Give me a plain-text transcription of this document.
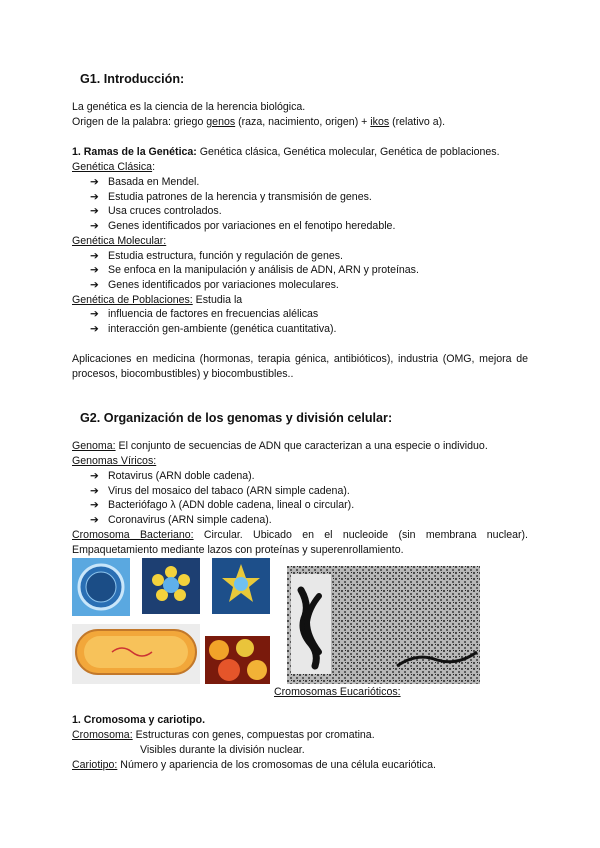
G1. Introducción:
La genética es la ciencia de la herencia biológica.
Origen de la palabra: griego genos (raza, nacimiento, origen) + ikos (relativo a).
1. Ramas de la Genética: Genética clásica, Genética molecular, Genética de poblaciones.
Genética Clásica:
➔ Basada en Mendel.
➔ Estudia patrones de la herencia y transmisión de genes.
➔ Usa cruces controlados.
➔ Genes identificados por variaciones en el fenotipo heredable.
Genética Molecular:
➔ Estudia estructura, función y regulación de genes.
➔ Se enfoca en la manipulación y análisis de ADN, ARN y proteínas.
➔ Genes identificados por variaciones moleculares.
Genética de Poblaciones: Estudia la
➔ influencia de factores en frecuencias alélicas
➔ interacción gen-ambiente (genética cuantitativa).
Aplicaciones en medicina (hormonas, terapia génica, antibióticos), industria (OMG, mejora de procesos, biocombustibles) y biocombustibles..
G2. Organización de los genomas y división celular:
Genoma: El conjunto de secuencias de ADN que caracterizan a una especie o individuo.
Genomas Víricos:
➔ Rotavirus (ARN doble cadena).
➔ Virus del mosaico del tabaco (ARN simple cadena).
➔ Bacteriófago λ (ADN doble cadena, lineal o circular).
➔ Coronavirus (ARN simple cadena).
Cromosoma Bacteriano: Circular. Ubicado en el nucleoide (sin membrana nuclear). Empaquetamiento mediante lazos con proteínas y superenrollamiento.
Cromosomas Eucarióticos:
1. Cromosoma y cariotipo.
Cromosoma: Estructuras con genes, compuestas por cromatina.
Visibles durante la división nuclear.
Cariotipo: Número y apariencia de los cromosomas de una célula eucariótica.
